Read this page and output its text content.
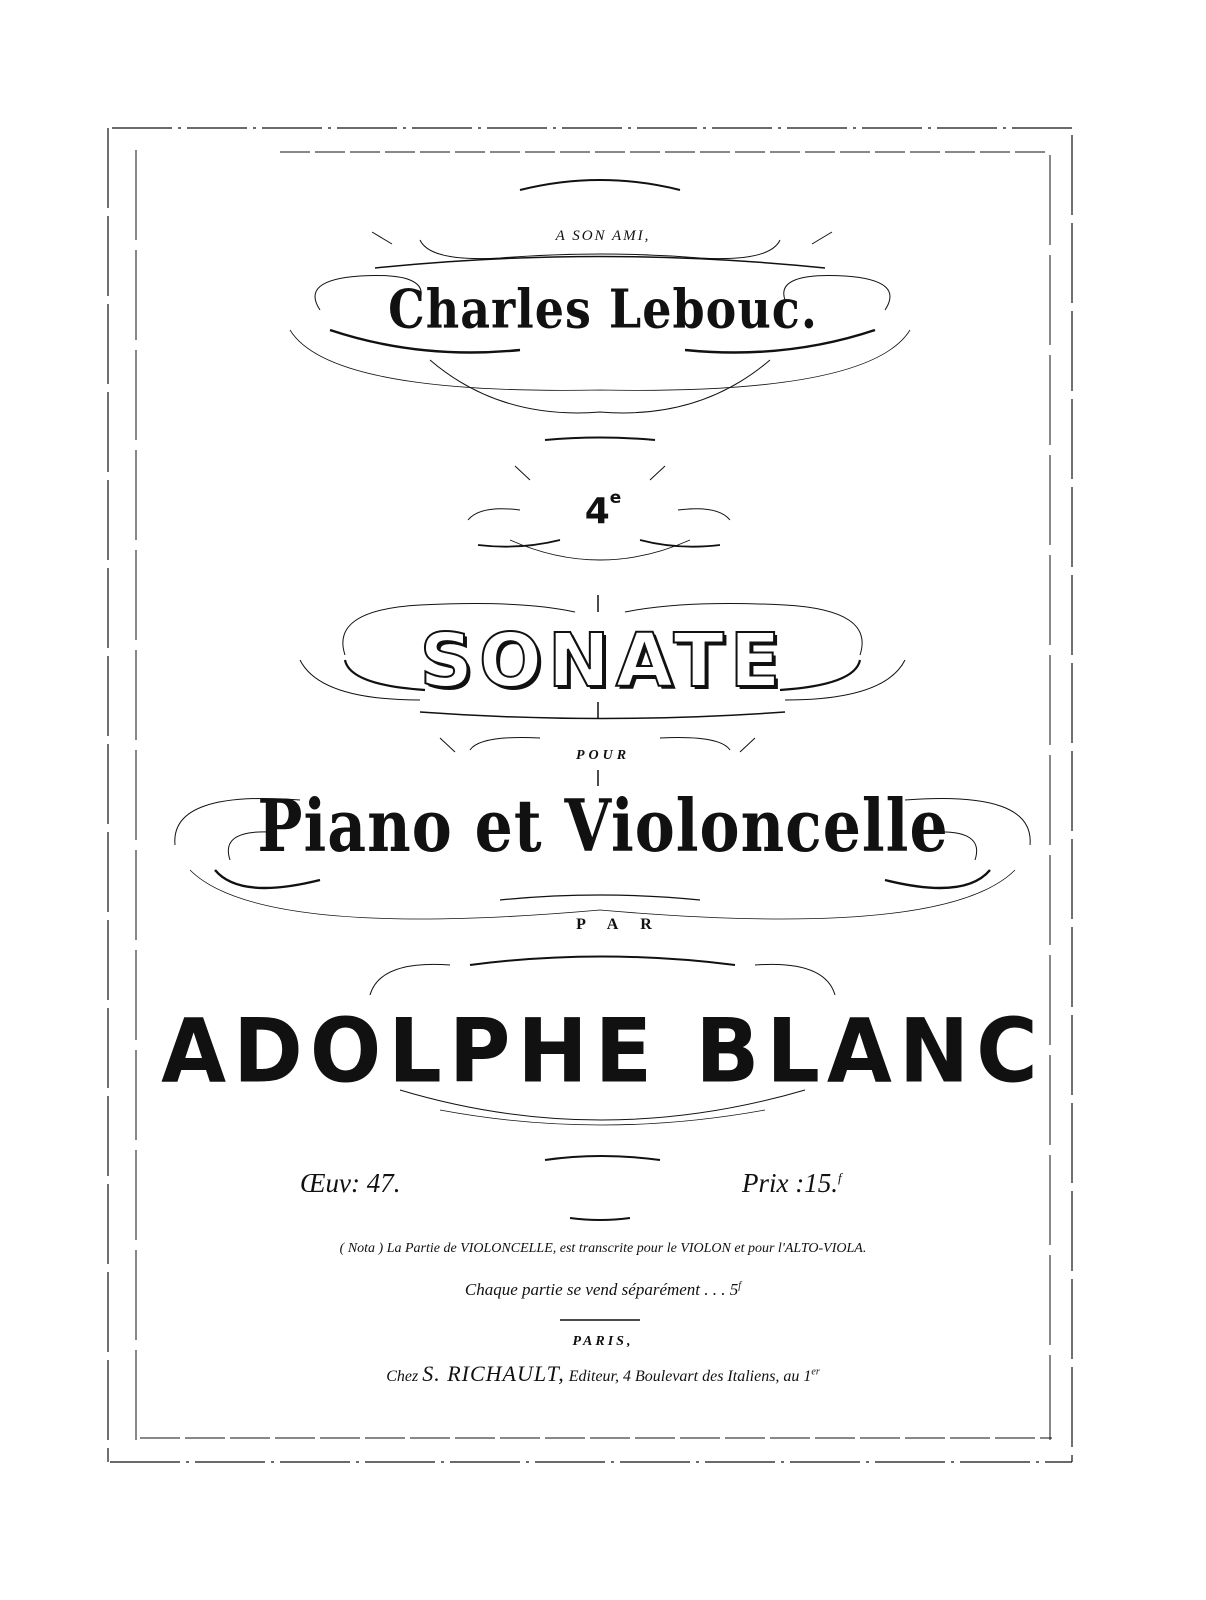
A SON AMI,
Charles Lebouc.
4e
SONATE
POUR
Piano et Violoncelle
PAR
ADOLPHE BLANC
Œuv: 47.	Prix :15.$^f$
( Nota ) La Partie de VIOLONCELLE, est transcrite pour le VIOLON et pour l'ALTO-VIOLA.
Chaque partie se vend séparément . . . 5$^f$
PARIS,
Chez S. RICHAULT, Editeur, 4 Boulevart des Italiens, au 1er
